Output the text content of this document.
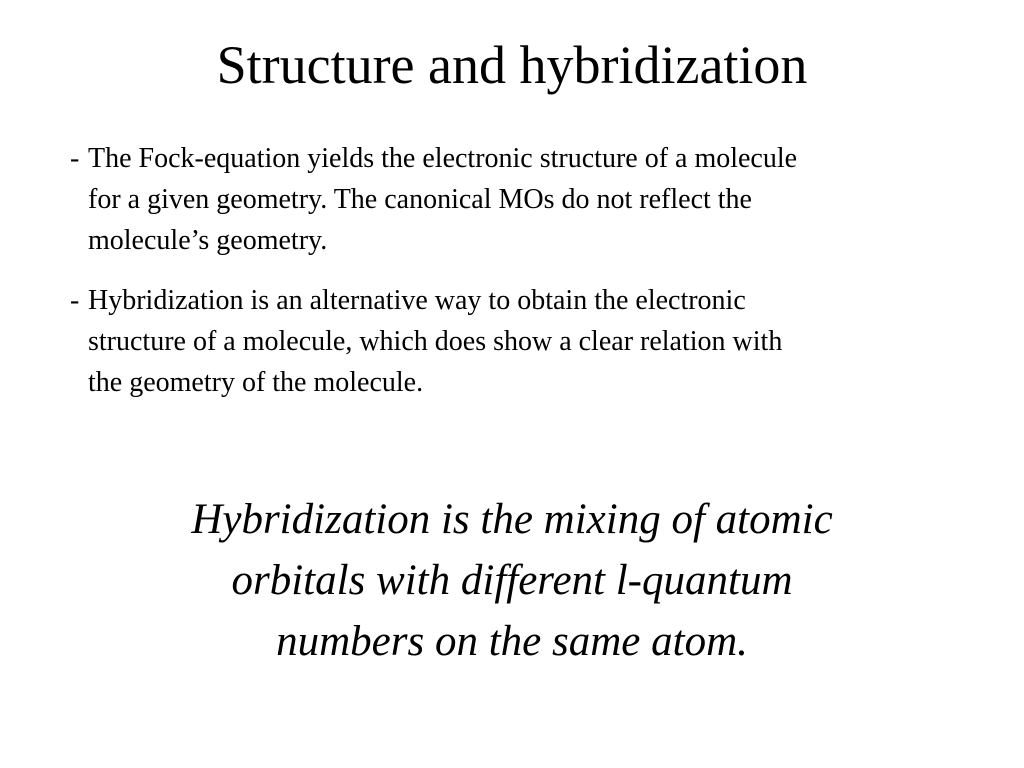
Structure and hybridization
- The Fock-equation yields the electronic structure of a molecule
for a given geometry. The canonical MOs do not reflect the
molecule’s geometry.
- Hybridization is an alternative way to obtain the electronic
structure of a molecule, which does show a clear relation with
the geometry of the molecule.

Hybridization is the mixing of atomic
orbitals with different l-quantum
numbers on the same atom.
